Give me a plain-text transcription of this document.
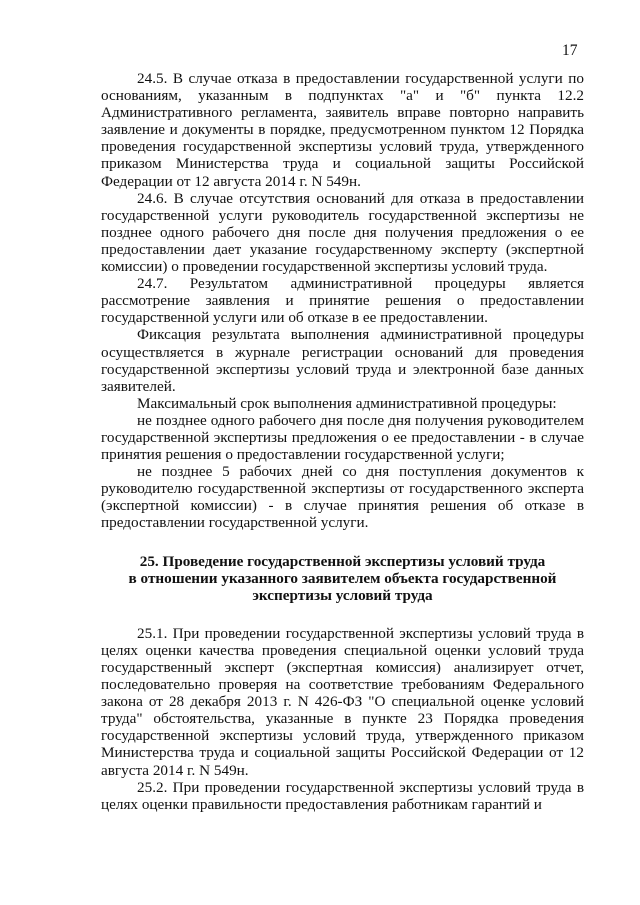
17

24.5. В случае отказа в предоставлении государственной услуги по основаниям, указанным в подпунктах "а" и "б" пункта 12.2 Административного регламента, заявитель вправе повторно направить заявление и документы в порядке, предусмотренном пунктом 12 Порядка проведения государственной экспертизы условий труда, утвержденного приказом Министерства труда и социальной защиты Российской Федерации от 12 августа 2014 г. N 549н.

24.6. В случае отсутствия оснований для отказа в предоставлении государственной услуги руководитель государственной экспертизы не позднее одного рабочего дня после дня получения предложения о ее предоставлении дает указание государственному эксперту (экспертной комиссии) о проведении государственной экспертизы условий труда.

24.7. Результатом административной процедуры является рассмотрение заявления и принятие решения о предоставлении государственной услуги или об отказе в ее предоставлении.

Фиксация результата выполнения административной процедуры осуществляется в журнале регистрации оснований для проведения государственной экспертизы условий труда и электронной базе данных заявителей.

Максимальный срок выполнения административной процедуры:

не позднее одного рабочего дня после дня получения руководителем государственной экспертизы предложения о ее предоставлении - в случае принятия решения о предоставлении государственной услуги;

не позднее 5 рабочих дней со дня поступления документов к руководителю государственной экспертизы от государственного эксперта (экспертной комиссии) - в случае принятия решения об отказе в предоставлении государственной услуги.

25. Проведение государственной экспертизы условий труда
в отношении указанного заявителем объекта государственной
экспертизы условий труда

25.1. При проведении государственной экспертизы условий труда в целях оценки качества проведения специальной оценки условий труда государственный эксперт (экспертная комиссия) анализирует отчет, последовательно проверяя на соответствие требованиям Федерального закона от 28 декабря 2013 г. N 426-ФЗ "О специальной оценке условий труда" обстоятельства, указанные в пункте 23 Порядка проведения государственной экспертизы условий труда, утвержденного приказом Министерства труда и социальной защиты Российской Федерации от 12 августа 2014 г. N 549н.

25.2. При проведении государственной экспертизы условий труда в целях оценки правильности предоставления работникам гарантий и
